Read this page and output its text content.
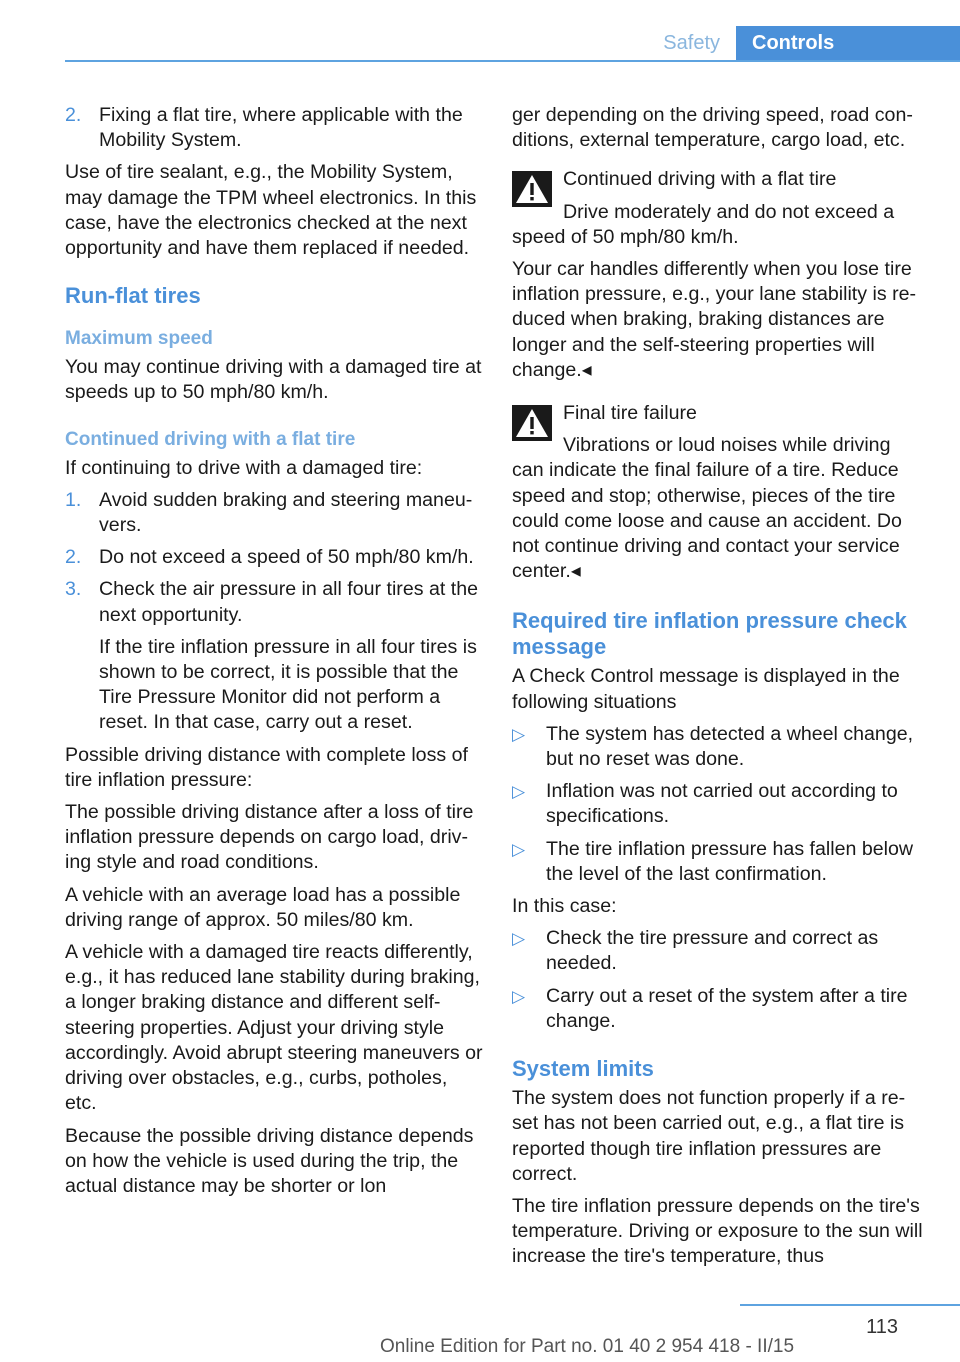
Safety	Controls
2. Fixing a flat tire, where applicable with the Mobility System.

Use of tire sealant, e.g., the Mobility System, may damage the TPM wheel electronics. In this case, have the electronics checked at the next opportunity and have them replaced if needed.

Run-flat tires
Maximum speed

You may continue driving with a damaged tire at speeds up to 50 mph/80 km/h.

Continued driving with a flat tire

If continuing to drive with a damaged tire:

1. Avoid sudden braking and steering maneuvers.
2. Do not exceed a speed of 50 mph/80 km/h.
3. Check the air pressure in all four tires at the next opportunity.
If the tire inflation pressure in all four tires is shown to be correct, it is possible that the Tire Pressure Monitor did not perform a reset. In that case, carry out a reset.

Possible driving distance with complete loss of tire inflation pressure:

The possible driving distance after a loss of tire inflation pressure depends on cargo load, driving style and road conditions.

A vehicle with an average load has a possible driving range of approx. 50 miles/80 km.

A vehicle with a damaged tire reacts differently, e.g., it has reduced lane stability during braking, a longer braking distance and different self-steering properties. Adjust your driving style accordingly. Avoid abrupt steering maneuvers or driving over obstacles, e.g., curbs, potholes, etc.

Because the possible driving distance depends on how the vehicle is used during the trip, the actual distance may be shorter or lon

ger depending on the driving speed, road conditions, external temperature, cargo load, etc.

Continued driving with a flat tire
Drive moderately and do not exceed a speed of 50 mph/80 km/h.

Your car handles differently when you lose tire inflation pressure, e.g., your lane stability is reduced when braking, braking distances are longer and the self-steering properties will change.◂

Final tire failure
Vibrations or loud noises while driving can indicate the final failure of a tire. Reduce speed and stop; otherwise, pieces of the tire could come loose and cause an accident. Do not continue driving and contact your service center.◂
Required tire inflation pressure check message

A Check Control message is displayed in the following situations

▷	The system has detected a wheel change, but no reset was done.
▷	Inflation was not carried out according to specifications.
▷	The tire inflation pressure has fallen below the level of the last confirmation.

In this case:

▷	Check the tire pressure and correct as needed.
▷	Carry out a reset of the system after a tire change.
System limits

The system does not function properly if a reset has not been carried out, e.g., a flat tire is reported though tire inflation pressures are correct.

The tire inflation pressure depends on the tire's temperature. Driving or exposure to the sun will increase the tire's temperature, thus

113
Online Edition for Part no. 01 40 2 954 418 - II/15
